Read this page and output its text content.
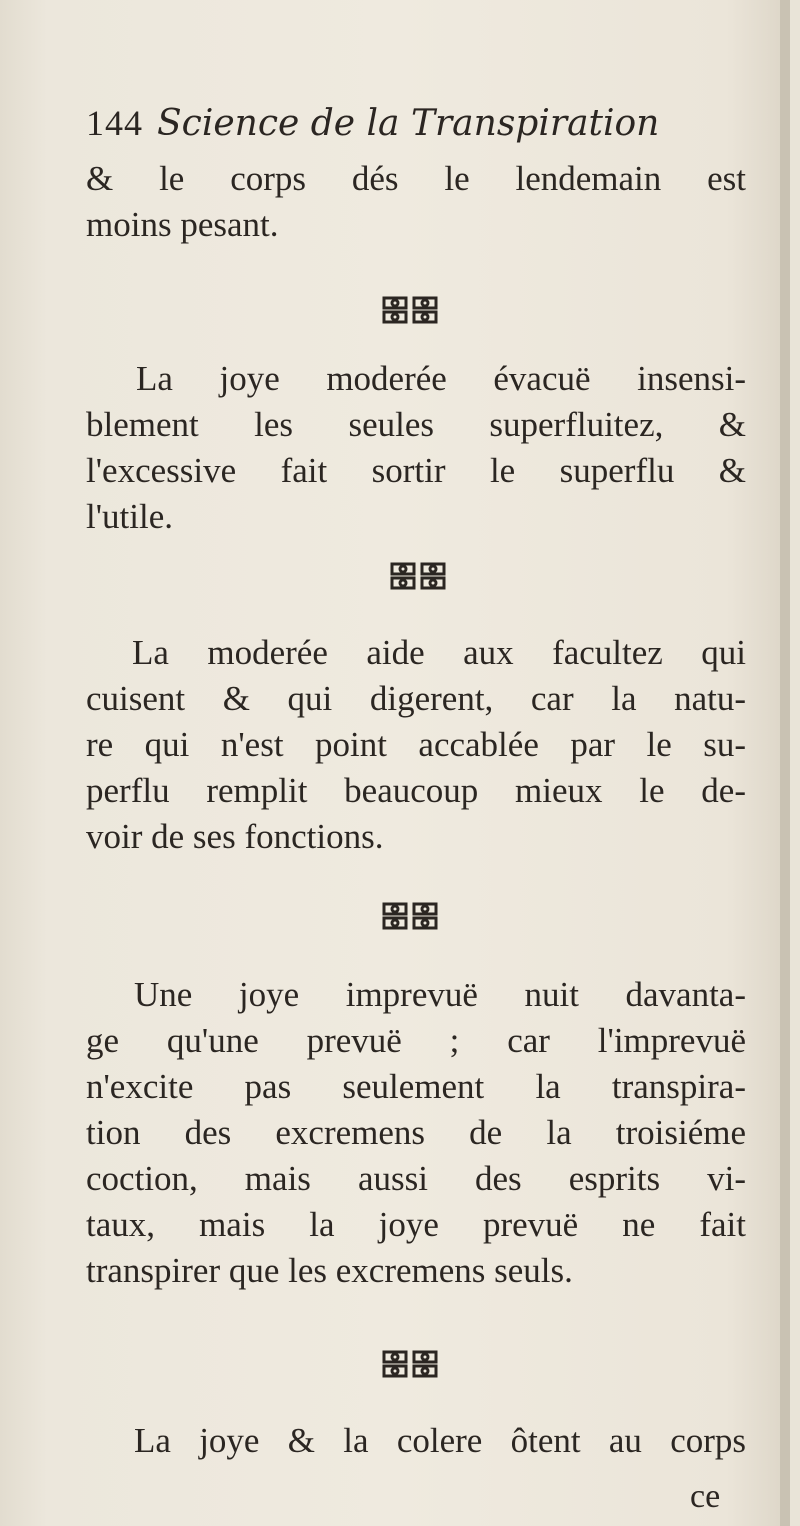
144 Science de la Transpiration
& le corps dés le lendemain est
moins pesant.
La joye moderée évacuë insensi-
blement les seules superfluitez, &
l'excessive fait sortir le superflu &
l'utile.
La moderée aide aux facultez qui
cuisent & qui digerent, car la natu-
re qui n'est point accablée par le su-
perflu remplit beaucoup mieux le de-
voir de ses fonctions.
Une joye imprevuë nuit davanta-
ge qu'une prevuë ; car l'imprevuë
n'excite pas seulement la transpira-
tion des excremens de la troisiéme
coction, mais aussi des esprits vi-
taux, mais la joye prevuë ne fait
transpirer que les excremens seuls.
La joye & la colere ôtent au corps
ce
